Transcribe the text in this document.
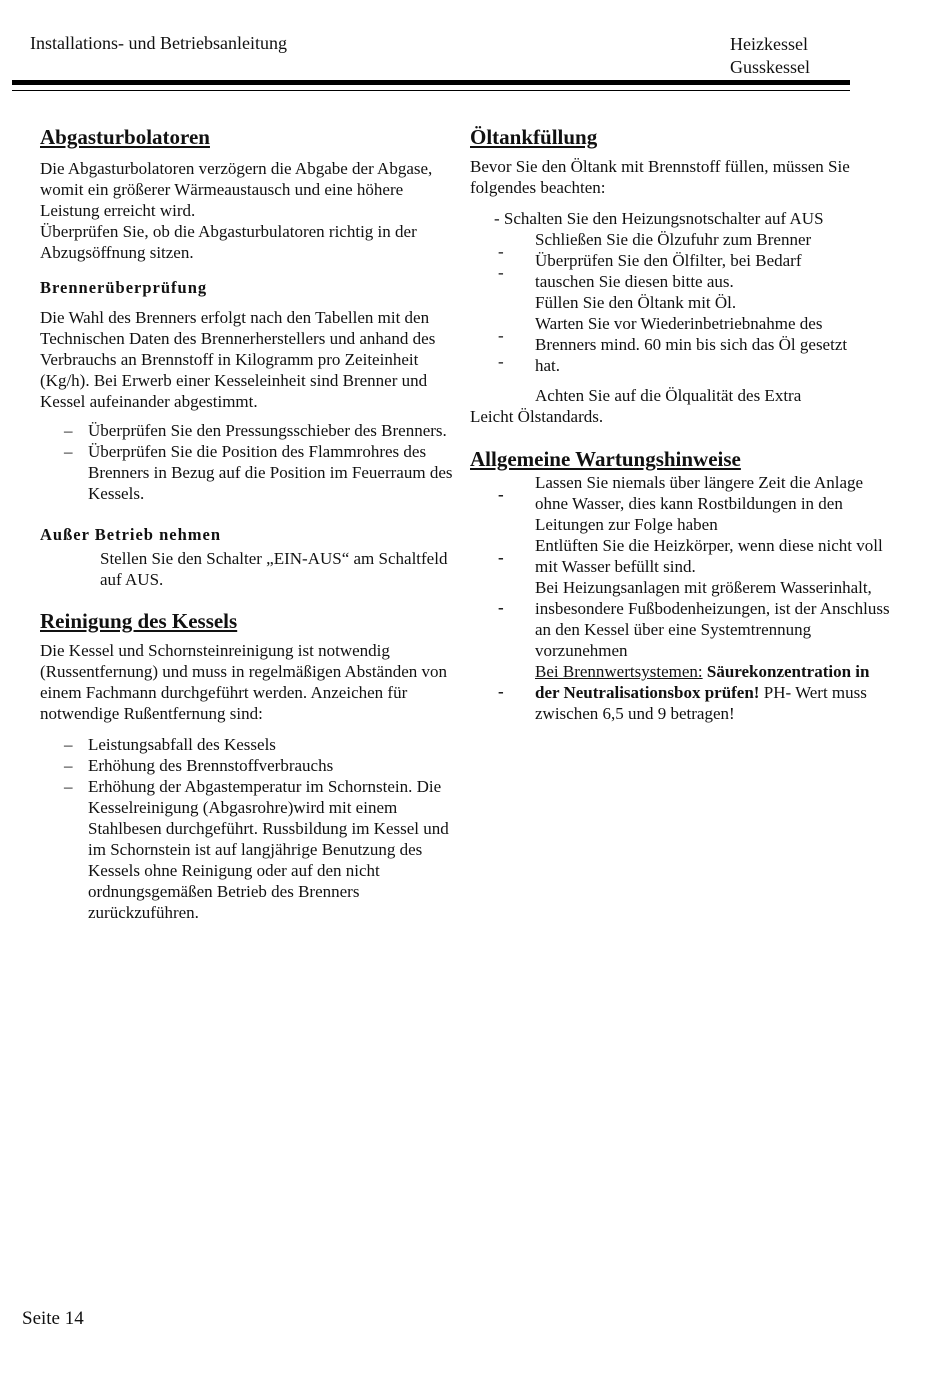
Installations- und Betriebsanleitung	Heizkessel
Gusskessel
Abgasturbolatoren

Die Abgasturbolatoren verzögern die Abgabe der Abgase, womit ein größerer Wärmeaustausch und eine höhere Leistung erreicht wird.

Überprüfen Sie, ob die Abgasturbulatoren richtig in der Abzugsöffnung sitzen.

Brennerüberprüfung

Die Wahl des Brenners erfolgt nach den Tabellen mit den Technischen Daten des Brennerherstellers und anhand des Verbrauchs an Brennstoff in Kilogramm pro Zeiteinheit (Kg/h). Bei Erwerb einer Kesseleinheit sind Brenner und Kessel aufeinander abgestimmt.

– Überprüfen Sie den Pressungsschieber des Brenners.
– Überprüfen Sie die Position des Flammrohres des Brenners in Bezug auf die Position im Feuerraum des Kessels.
Außer Betrieb nehmen

Stellen Sie den Schalter „EIN-AUS“ am Schaltfeld auf AUS.

Reinigung des Kessels

Die Kessel und Schornsteinreinigung ist notwendig (Russentfernung) und muss in regelmäßigen Abständen von einem Fachmann durchgeführt werden. Anzeichen für notwendige Rußentfernung sind:

– Leistungsabfall des Kessels
– Erhöhung des Brennstoffverbrauchs
– Erhöhung der Abgastemperatur im Schornstein. Die Kesselreinigung (Abgasrohre)wird mit einem Stahlbesen durchgeführt. Russbildung im Kessel und im Schornstein ist auf langjährige Benutzung des Kessels ohne Reinigung oder auf den nicht ordnungsgemäßen Betrieb des Brenners zurückzuführen.
Öltankfüllung

Bevor Sie den Öltank mit Brennstoff füllen, müssen Sie folgendes beachten:

- Schalten Sie den Heizungsnotschalter auf AUS
-
-
-
-
Schließen Sie die Ölzufuhr zum Brenner
Überprüfen Sie den Ölfilter, bei Bedarf
tauschen Sie diesen bitte aus.
Füllen Sie den Öltank mit Öl.
Warten Sie vor Wiederinbetriebnahme des
Brenners mind. 60 min bis sich das Öl gesetzt
hat.
Achten Sie auf die Ölqualität des Extra
Leicht Ölstandards.
Allgemeine Wartungshinweise
-
Lassen Sie niemals über längere Zeit die Anlage ohne Wasser, dies kann Rostbildungen in den Leitungen zur Folge haben
-
Entlüften Sie die Heizkörper, wenn diese nicht voll mit Wasser befüllt sind.
-
Bei Heizungsanlagen mit größerem Wasserinhalt, insbesondere Fußbodenheizungen, ist der Anschluss an den Kessel über eine Systemtrennung vorzunehmen
-
Bei Brennwertsystemen: Säurekonzentration in der Neutralisationsbox prüfen! PH- Wert muss zwischen 6,5 und 9 betragen!
Seite 14
